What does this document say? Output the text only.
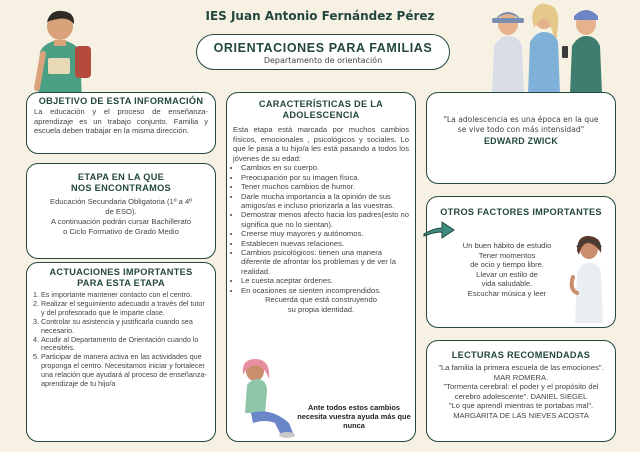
IES Juan Antonio Fernández Pérez
ORIENTACIONES PARA FAMILIAS
Departamento de orientación
OBJETIVO DE ESTA INFORMACIÓN
La educación y el proceso de enseñanza-aprendizaje es un trabajo conjunto. Familia y escuela deben trabajar en la misma dirección.
ETAPA EN LA QUE
NOS ENCONTRAMOS
Educación Secundaria Obligatoria (1º a 4º de ESO).
A continuación podrán cursar Bachillerato o Ciclo Formativo de Grado Medio
ACTUACIONES IMPORTANTES
PARA ESTA ETAPA
1. Es importante mantener contacto con el centro.
2. Realizar el seguimiento adecuado a través del tutor y del profesorado que le imparte clase.
3. Controlar su asistencia y justificarla cuando sea necesario.
4. Acudir al Departamento de Orientación cuando lo necesitéis.
5. Participar de manera activa en las actividades que proponga el centro. Necesitamos iniciar y fortalecer una relación que ayudará al proceso de enseñanza-aprendizaje de tu hijo/a
CARACTERÍSTICAS DE LA
ADOLESCENCIA
Esta etapa está marcada por muchos cambios físicos, emocionales , psicológicos y sociales. Lo que le pasa a tu hijo/a les está pasando a todos los jóvenes de su edad:
• Cambios en su cuerpo.
• Preocupación por su imagen física.
• Tener muchos cambios de humor.
• Darle mucha importancia a la opinión de sus amigos/as e incluso priorizarla a las vuestras.
• Demostrar menos afecto hacia los padres(esto no significa que no lo sientan).
• Creerse muy mayores y autónomos.
• Establecen nuevas relaciones.
• Cambios psicológicos: tienen una manera diferente de afrontar los problemas y de ver la realidad.
• Le cuesta aceptar órdenes.
• En ocasiones se sienten incomprendidos.
Recuerda que está construyendo
su propia identidad.
Ante todos estos cambios necesita vuestra ayuda más que nunca
"La adolescencia es una época en la que se vive todo con más intensidad"
EDWARD ZWICK
OTROS FACTORES IMPORTANTES
Un buen hábito de estudio
Tener momentos
de ocio y tiempo libre.
Llevar un estilo de
vida saludable.
Escuchar música y leer
LECTURAS RECOMENDADAS
"La familia la primera escuela de las emociones". MAR ROMERA.
"Tormenta cerebral: el poder y el propósito del cerebro adolescente". DANIEL SIEGEL
"Lo que aprendí mientras te portabas mal". MARGARITA DE LAS NIEVES ACOSTA
